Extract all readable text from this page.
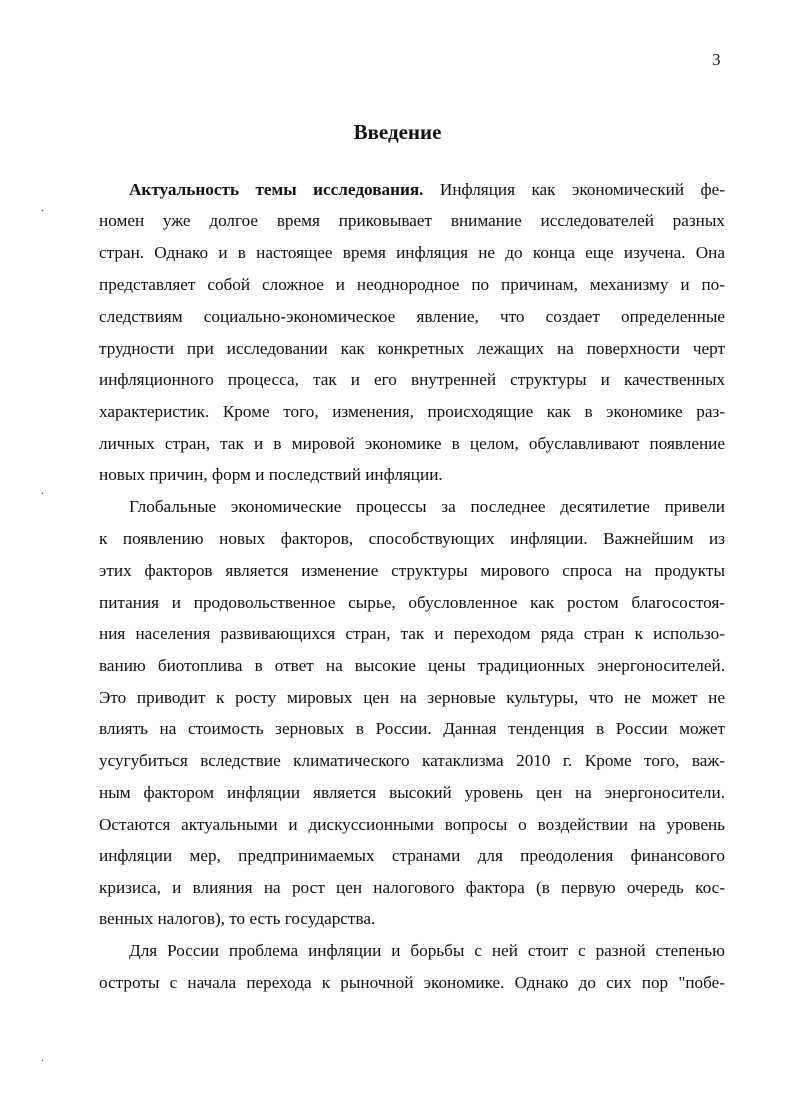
3
Введение
Актуальность темы исследования. Инфляция как экономический фе-
номен уже долгое время приковывает внимание исследователей разных
стран. Однако и в настоящее время инфляция не до конца еще изучена. Она
представляет собой сложное и неоднородное по причинам, механизму и по-
следствиям социально-экономическое явление, что создает определенные
трудности при исследовании как конкретных лежащих на поверхности черт
инфляционного процесса, так и его внутренней структуры и качественных
характеристик. Кроме того, изменения, происходящие как в экономике раз-
личных стран, так и в мировой экономике в целом, обуславливают появление
новых причин, форм и последствий инфляции.
Глобальные экономические процессы за последнее десятилетие привели
к появлению новых факторов, способствующих инфляции. Важнейшим из
этих факторов является изменение структуры мирового спроса на продукты
питания и продовольственное сырье, обусловленное как ростом благосостоя-
ния населения развивающихся стран, так и переходом ряда стран к использо-
ванию биотоплива в ответ на высокие цены традиционных энергоносителей.
Это приводит к росту мировых цен на зерновые культуры, что не может не
влиять на стоимость зерновых в России. Данная тенденция в России может
усугубиться вследствие климатического катаклизма 2010 г. Кроме того, важ-
ным фактором инфляции является высокий уровень цен на энергоносители.
Остаются актуальными и дискуссионными вопросы о воздействии на уровень
инфляции мер, предпринимаемых странами для преодоления финансового
кризиса, и влияния на рост цен налогового фактора (в первую очередь кос-
венных налогов), то есть государства.
Для России проблема инфляции и борьбы с ней стоит с разной степенью
остроты с начала перехода к рыночной экономике. Однако до сих пор "побе-
.
.
.
